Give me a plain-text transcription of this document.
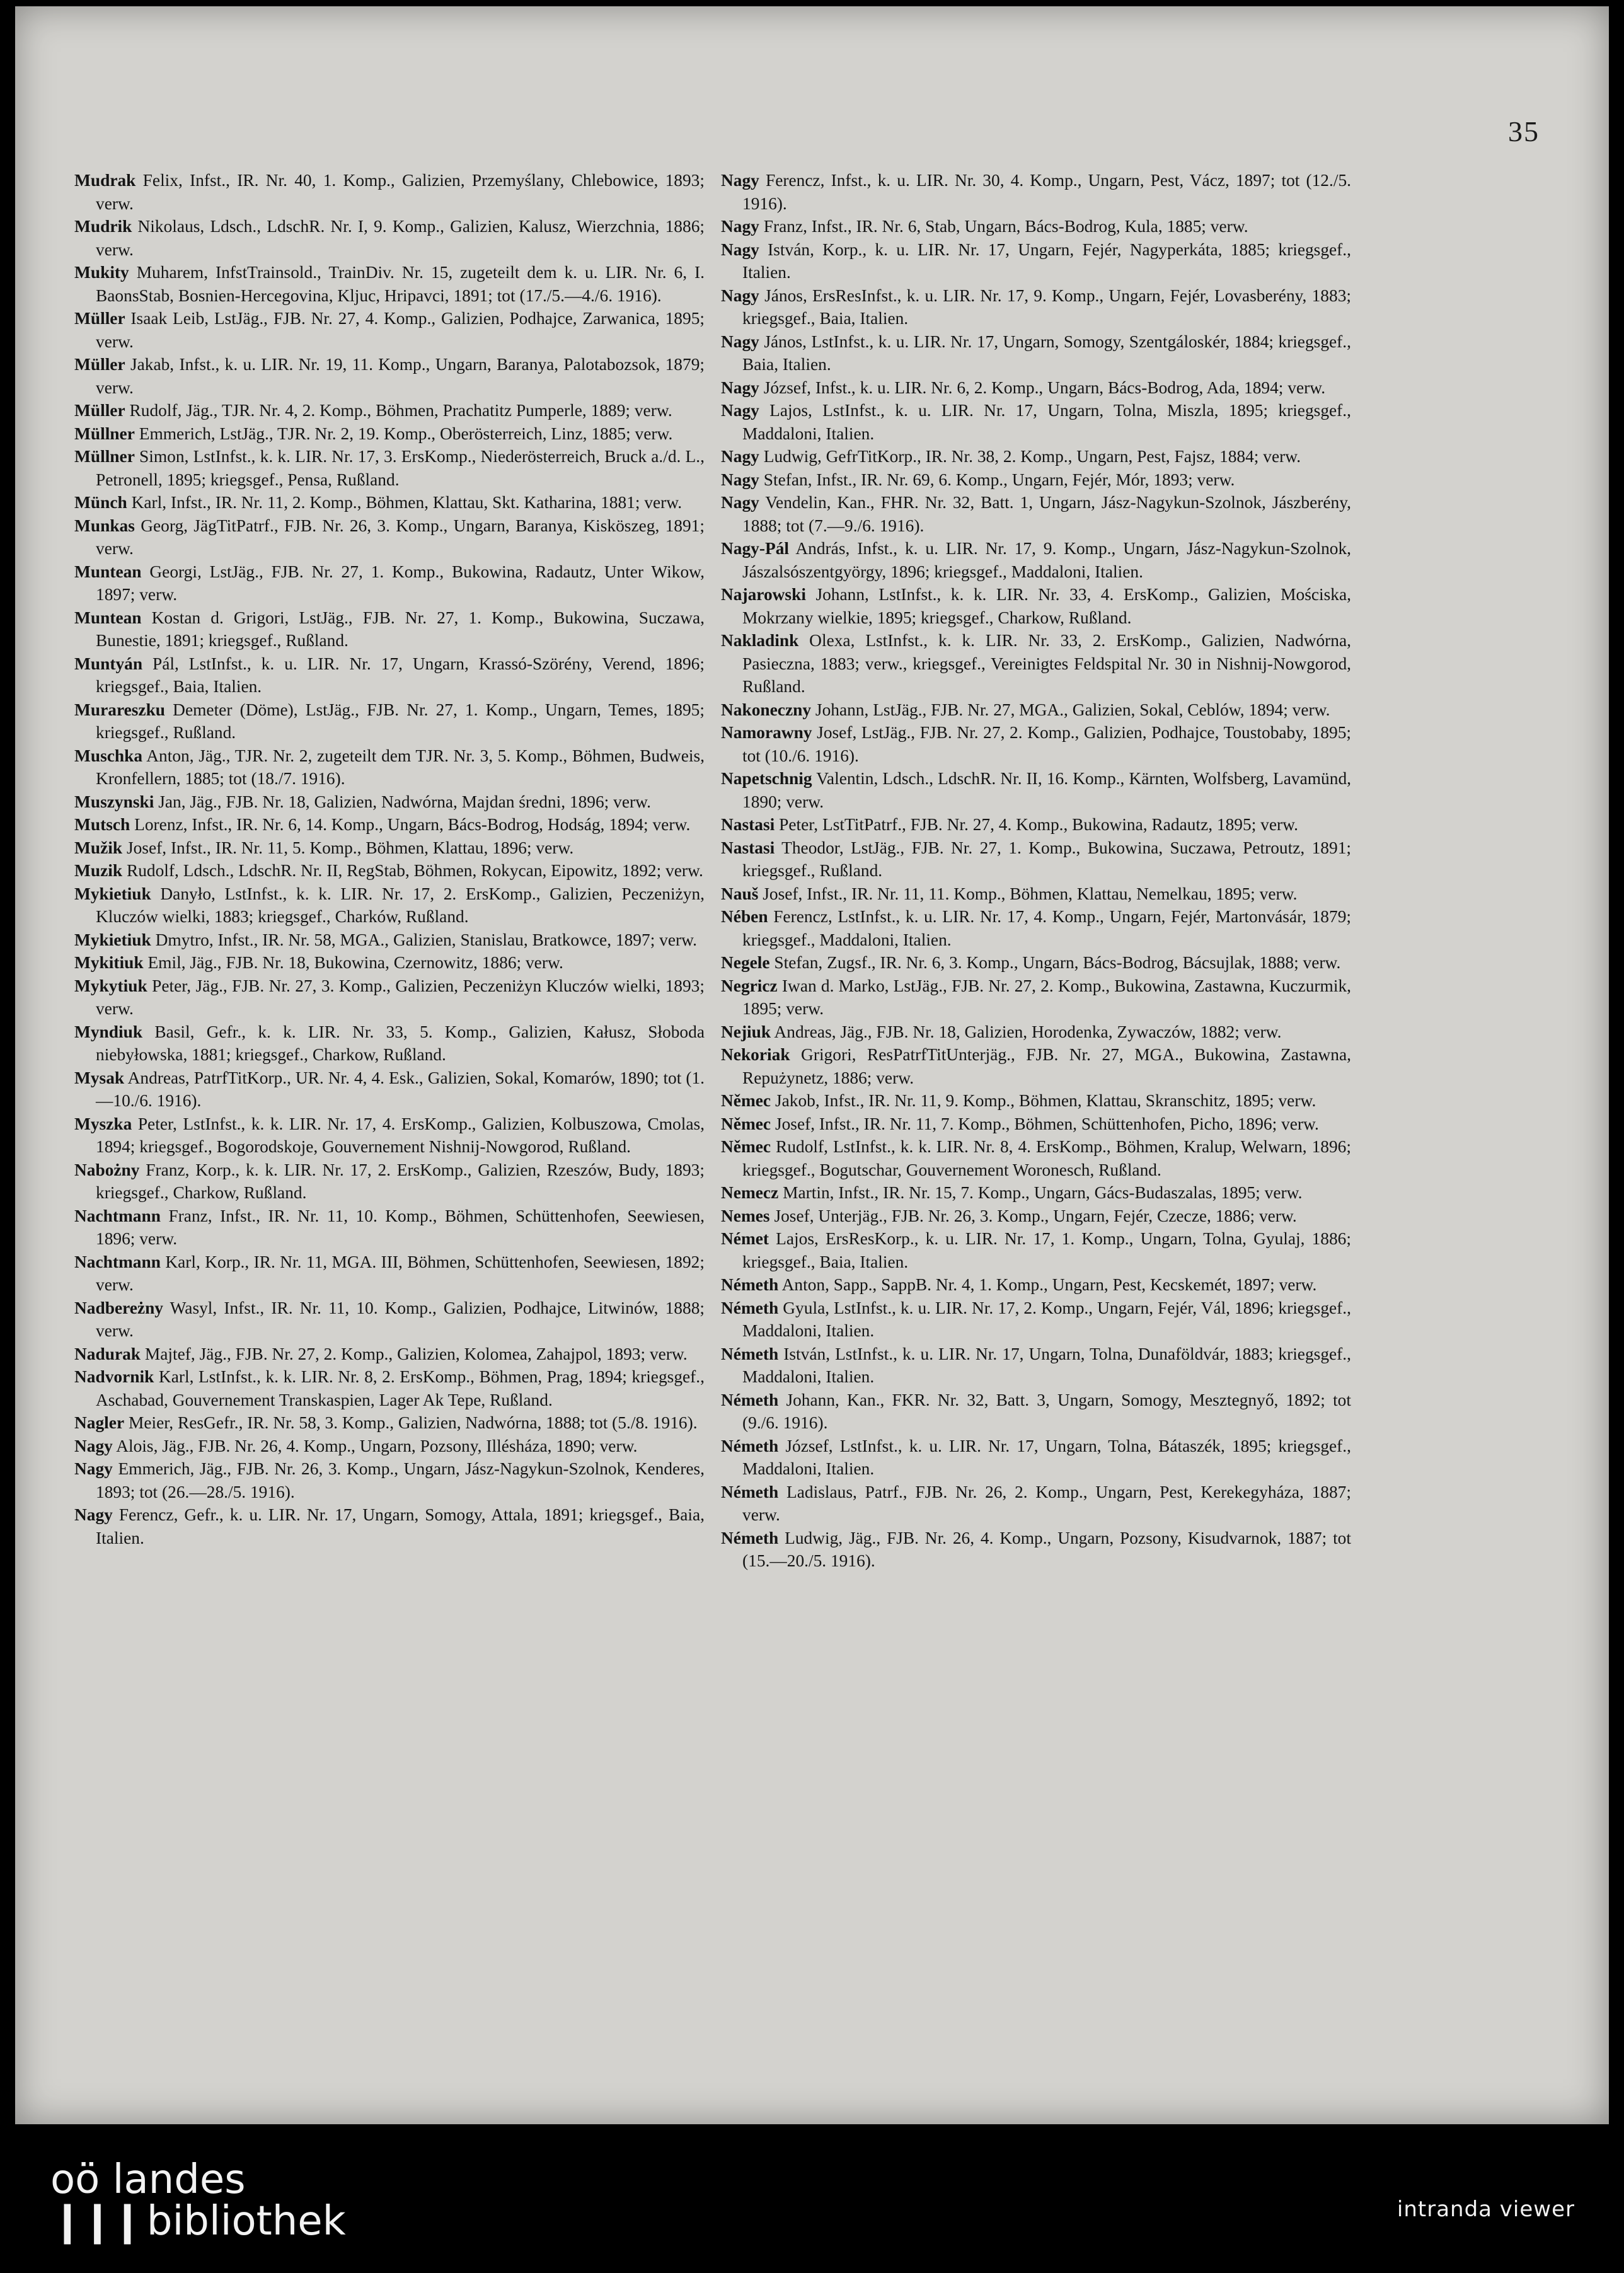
35

Mudrak Felix, Infst., IR. Nr. 40, 1. Komp., Galizien, Przemyślany, Chlebowice, 1893; verw.

Mudrik Nikolaus, Ldsch., LdschR. Nr. I, 9. Komp., Galizien, Kalusz, Wierzchnia, 1886; verw.

Mukity Muharem, InfstTrainsold., TrainDiv. Nr. 15, zugeteilt dem k. u. LIR. Nr. 6, I. BaonsStab, Bosnien-Hercegovina, Kljuc, Hripavci, 1891; tot (17./5.—4./6. 1916).

Müller Isaak Leib, LstJäg., FJB. Nr. 27, 4. Komp., Galizien, Podhajce, Zarwanica, 1895; verw.

Müller Jakab, Infst., k. u. LIR. Nr. 19, 11. Komp., Ungarn, Baranya, Palotabozsok, 1879; verw.

Müller Rudolf, Jäg., TJR. Nr. 4, 2. Komp., Böhmen, Prachatitz Pumperle, 1889; verw.

Müllner Emmerich, LstJäg., TJR. Nr. 2, 19. Komp., Oberösterreich, Linz, 1885; verw.

Müllner Simon, LstInfst., k. k. LIR. Nr. 17, 3. ErsKomp., Niederösterreich, Bruck a./d. L., Petronell, 1895; kriegsgef., Pensa, Rußland.

Münch Karl, Infst., IR. Nr. 11, 2. Komp., Böhmen, Klattau, Skt. Katharina, 1881; verw.

Munkas Georg, JägTitPatrf., FJB. Nr. 26, 3. Komp., Ungarn, Baranya, Kisköszeg, 1891; verw.

Muntean Georgi, LstJäg., FJB. Nr. 27, 1. Komp., Bukowina, Radautz, Unter Wikow, 1897; verw.

Muntean Kostan d. Grigori, LstJäg., FJB. Nr. 27, 1. Komp., Bukowina, Suczawa, Bunestie, 1891; kriegsgef., Rußland.

Muntyán Pál, LstInfst., k. u. LIR. Nr. 17, Ungarn, Krassó-Szörény, Verend, 1896; kriegsgef., Baia, Italien.

Murareszku Demeter (Döme), LstJäg., FJB. Nr. 27, 1. Komp., Ungarn, Temes, 1895; kriegsgef., Rußland.

Muschka Anton, Jäg., TJR. Nr. 2, zugeteilt dem TJR. Nr. 3, 5. Komp., Böhmen, Budweis, Kronfellern, 1885; tot (18./7. 1916).

Muszynski Jan, Jäg., FJB. Nr. 18, Galizien, Nadwórna, Majdan średni, 1896; verw.

Mutsch Lorenz, Infst., IR. Nr. 6, 14. Komp., Ungarn, Bács-Bodrog, Hodság, 1894; verw.

Mužik Josef, Infst., IR. Nr. 11, 5. Komp., Böhmen, Klattau, 1896; verw.

Muzik Rudolf, Ldsch., LdschR. Nr. II, RegStab, Böhmen, Rokycan, Eipowitz, 1892; verw.

Mykietiuk Danyło, LstInfst., k. k. LIR. Nr. 17, 2. ErsKomp., Galizien, Peczeniżyn, Kluczów wielki, 1883; kriegsgef., Charków, Rußland.

Mykietiuk Dmytro, Infst., IR. Nr. 58, MGA., Galizien, Stanislau, Bratkowce, 1897; verw.

Mykitiuk Emil, Jäg., FJB. Nr. 18, Bukowina, Czernowitz, 1886; verw.

Mykytiuk Peter, Jäg., FJB. Nr. 27, 3. Komp., Galizien, Peczeniżyn Kluczów wielki, 1893; verw.

Myndiuk Basil, Gefr., k. k. LIR. Nr. 33, 5. Komp., Galizien, Kałusz, Słoboda niebyłowska, 1881; kriegsgef., Charkow, Rußland.

Mysak Andreas, PatrfTitKorp., UR. Nr. 4, 4. Esk., Galizien, Sokal, Komarów, 1890; tot (1.—10./6. 1916).

Myszka Peter, LstInfst., k. k. LIR. Nr. 17, 4. ErsKomp., Galizien, Kolbuszowa, Cmolas, 1894; kriegsgef., Bogorodskoje, Gouvernement Nishnij-Nowgorod, Rußland.

Nabożny Franz, Korp., k. k. LIR. Nr. 17, 2. ErsKomp., Galizien, Rzeszów, Budy, 1893; kriegsgef., Charkow, Rußland.

Nachtmann Franz, Infst., IR. Nr. 11, 10. Komp., Böhmen, Schüttenhofen, Seewiesen, 1896; verw.

Nachtmann Karl, Korp., IR. Nr. 11, MGA. III, Böhmen, Schüttenhofen, Seewiesen, 1892; verw.

Nadbereżny Wasyl, Infst., IR. Nr. 11, 10. Komp., Galizien, Podhajce, Litwinów, 1888; verw.

Nadurak Majtef, Jäg., FJB. Nr. 27, 2. Komp., Galizien, Kolomea, Zahajpol, 1893; verw.

Nadvornik Karl, LstInfst., k. k. LIR. Nr. 8, 2. ErsKomp., Böhmen, Prag, 1894; kriegsgef., Aschabad, Gouvernement Transkaspien, Lager Ak Tepe, Rußland.

Nagler Meier, ResGefr., IR. Nr. 58, 3. Komp., Galizien, Nadwórna, 1888; tot (5./8. 1916).

Nagy Alois, Jäg., FJB. Nr. 26, 4. Komp., Ungarn, Pozsony, Illésháza, 1890; verw.

Nagy Emmerich, Jäg., FJB. Nr. 26, 3. Komp., Ungarn, Jász-Nagykun-Szolnok, Kenderes, 1893; tot (26.—28./5. 1916).

Nagy Ferencz, Gefr., k. u. LIR. Nr. 17, Ungarn, Somogy, Attala, 1891; kriegsgef., Baia, Italien.

Nagy Ferencz, Infst., k. u. LIR. Nr. 30, 4. Komp., Ungarn, Pest, Vácz, 1897; tot (12./5. 1916).

Nagy Franz, Infst., IR. Nr. 6, Stab, Ungarn, Bács-Bodrog, Kula, 1885; verw.

Nagy István, Korp., k. u. LIR. Nr. 17, Ungarn, Fejér, Nagyperkáta, 1885; kriegsgef., Italien.

Nagy János, ErsResInfst., k. u. LIR. Nr. 17, 9. Komp., Ungarn, Fejér, Lovasberény, 1883; kriegsgef., Baia, Italien.

Nagy János, LstInfst., k. u. LIR. Nr. 17, Ungarn, Somogy, Szentgáloskér, 1884; kriegsgef., Baia, Italien.

Nagy József, Infst., k. u. LIR. Nr. 6, 2. Komp., Ungarn, Bács-Bodrog, Ada, 1894; verw.

Nagy Lajos, LstInfst., k. u. LIR. Nr. 17, Ungarn, Tolna, Miszla, 1895; kriegsgef., Maddaloni, Italien.

Nagy Ludwig, GefrTitKorp., IR. Nr. 38, 2. Komp., Ungarn, Pest, Fajsz, 1884; verw.

Nagy Stefan, Infst., IR. Nr. 69, 6. Komp., Ungarn, Fejér, Mór, 1893; verw.

Nagy Vendelin, Kan., FHR. Nr. 32, Batt. 1, Ungarn, Jász-Nagykun-Szolnok, Jászberény, 1888; tot (7.—9./6. 1916).

Nagy-Pál András, Infst., k. u. LIR. Nr. 17, 9. Komp., Ungarn, Jász-Nagykun-Szolnok, Jászalsószentgyörgy, 1896; kriegsgef., Maddaloni, Italien.

Najarowski Johann, LstInfst., k. k. LIR. Nr. 33, 4. ErsKomp., Galizien, Mościska, Mokrzany wielkie, 1895; kriegsgef., Charkow, Rußland.

Nakladink Olexa, LstInfst., k. k. LIR. Nr. 33, 2. ErsKomp., Galizien, Nadwórna, Pasieczna, 1883; verw., kriegsgef., Vereinigtes Feldspital Nr. 30 in Nishnij-Nowgorod, Rußland.

Nakoneczny Johann, LstJäg., FJB. Nr. 27, MGA., Galizien, Sokal, Ceblów, 1894; verw.

Namorawny Josef, LstJäg., FJB. Nr. 27, 2. Komp., Galizien, Podhajce, Toustobaby, 1895; tot (10./6. 1916).

Napetschnig Valentin, Ldsch., LdschR. Nr. II, 16. Komp., Kärnten, Wolfsberg, Lavamünd, 1890; verw.

Nastasi Peter, LstTitPatrf., FJB. Nr. 27, 4. Komp., Bukowina, Radautz, 1895; verw.

Nastasi Theodor, LstJäg., FJB. Nr. 27, 1. Komp., Bukowina, Suczawa, Petroutz, 1891; kriegsgef., Rußland.

Nauš Josef, Infst., IR. Nr. 11, 11. Komp., Böhmen, Klattau, Nemelkau, 1895; verw.

Nében Ferencz, LstInfst., k. u. LIR. Nr. 17, 4. Komp., Ungarn, Fejér, Martonvásár, 1879; kriegsgef., Maddaloni, Italien.

Negele Stefan, Zugsf., IR. Nr. 6, 3. Komp., Ungarn, Bács-Bodrog, Bácsujlak, 1888; verw.

Negricz Iwan d. Marko, LstJäg., FJB. Nr. 27, 2. Komp., Bukowina, Zastawna, Kuczurmik, 1895; verw.

Nejiuk Andreas, Jäg., FJB. Nr. 18, Galizien, Horodenka, Zywaczów, 1882; verw.

Nekoriak Grigori, ResPatrfTitUnterjäg., FJB. Nr. 27, MGA., Bukowina, Zastawna, Repużynetz, 1886; verw.

Němec Jakob, Infst., IR. Nr. 11, 9. Komp., Böhmen, Klattau, Skranschitz, 1895; verw.

Němec Josef, Infst., IR. Nr. 11, 7. Komp., Böhmen, Schüttenhofen, Picho, 1896; verw.

Němec Rudolf, LstInfst., k. k. LIR. Nr. 8, 4. ErsKomp., Böhmen, Kralup, Welwarn, 1896; kriegsgef., Bogutschar, Gouvernement Woronesch, Rußland.

Nemecz Martin, Infst., IR. Nr. 15, 7. Komp., Ungarn, Gács-Budaszalas, 1895; verw.

Nemes Josef, Unterjäg., FJB. Nr. 26, 3. Komp., Ungarn, Fejér, Czecze, 1886; verw.

Német Lajos, ErsResKorp., k. u. LIR. Nr. 17, 1. Komp., Ungarn, Tolna, Gyulaj, 1886; kriegsgef., Baia, Italien.

Németh Anton, Sapp., SappB. Nr. 4, 1. Komp., Ungarn, Pest, Kecskemét, 1897; verw.

Németh Gyula, LstInfst., k. u. LIR. Nr. 17, 2. Komp., Ungarn, Fejér, Vál, 1896; kriegsgef., Maddaloni, Italien.

Németh István, LstInfst., k. u. LIR. Nr. 17, Ungarn, Tolna, Dunaföldvár, 1883; kriegsgef., Maddaloni, Italien.

Németh Johann, Kan., FKR. Nr. 32, Batt. 3, Ungarn, Somogy, Mesztegnyő, 1892; tot (9./6. 1916).

Németh József, LstInfst., k. u. LIR. Nr. 17, Ungarn, Tolna, Bátaszék, 1895; kriegsgef., Maddaloni, Italien.

Németh Ladislaus, Patrf., FJB. Nr. 26, 2. Komp., Ungarn, Pest, Kerekegyháza, 1887; verw.

Németh Ludwig, Jäg., FJB. Nr. 26, 4. Komp., Ungarn, Pozsony, Kisudvarnok, 1887; tot (15.—20./5. 1916).

oö landes
❙❙❙ bibliothek	intranda viewer
